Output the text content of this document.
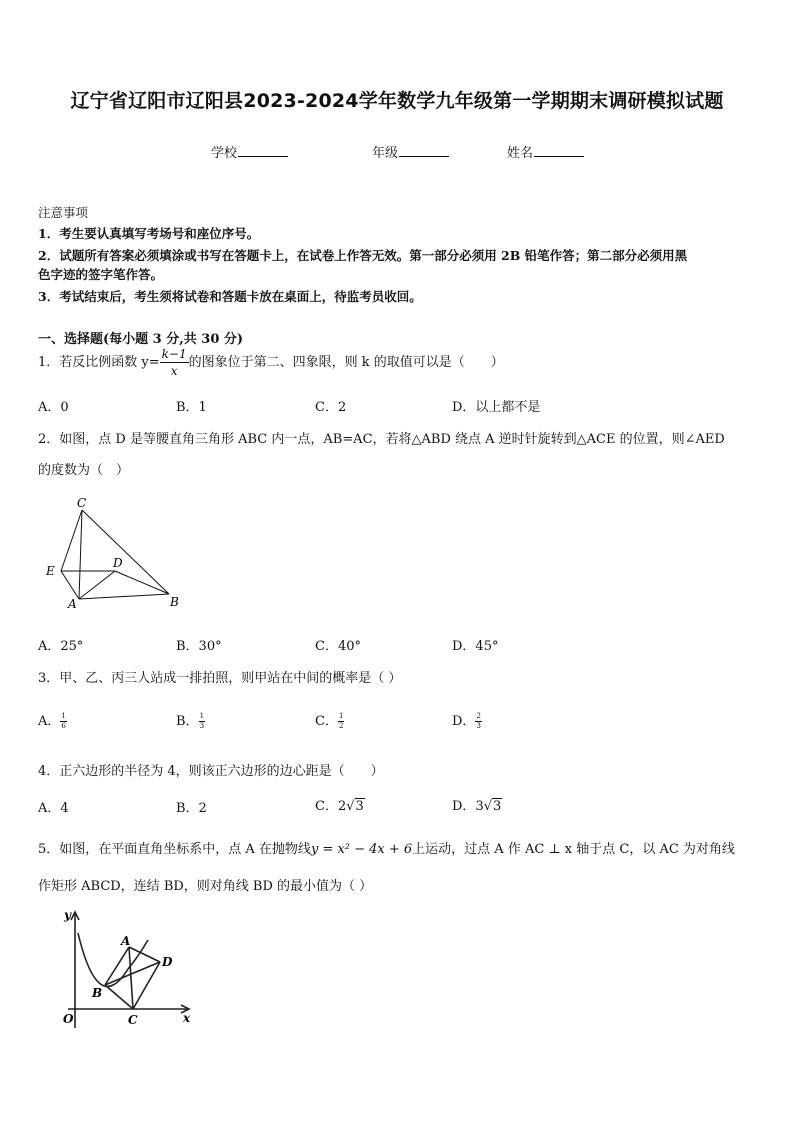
辽宁省辽阳市辽阳县2023-2024学年数学九年级第一学期期末调研模拟试题
学校	年级	姓名
注意事项
1．考生要认真填写考场号和座位序号。
2．试题所有答案必须填涂或书写在答题卡上，在试卷上作答无效。第一部分必须用 2B 铅笔作答；第二部分必须用黑
色字迹的签字笔作答。
3．考试结束后，考生须将试卷和答题卡放在桌面上，待监考员收回。
一、选择题(每小题 3 分,共 30 分)
1．若反比例函数 $y= \frac{k-1}{x}$ 的图象位于第二、四象限，则 k 的取值可以是（　　）
A．0	B．1	C．2	D．以上都不是
2．如图，点 D 是等腰直角三角形 ABC 内一点，AB=AC，若将△ABD 绕点 A 逆时针旋转到△ACE 的位置，则∠AED
的度数为（　）
C
E
D
A	B
A．25°	B．30°	C．40°	D．45°
3．甲、乙、丙三人站成一排拍照，则甲站在中间的概率是（ ）
A． $\frac{1}{6}$	B． $\frac{1}{3}$	C． $\frac{1}{2}$	D． $\frac{2}{3}$
4．正六边形的半径为 4，则该正六边形的边心距是（　　）
A．4	B．2	C．2√3	D．3√3
5．如图，在平面直角坐标系中，点 A 在抛物线y = x² − 4x + 6上运动，过点 A 作 AC ⊥ x 轴于点 C，以 AC 为对角线
作矩形 ABCD，连结 BD，则对角线 BD 的最小值为（ ）
y
x
O
A
B
C
D
